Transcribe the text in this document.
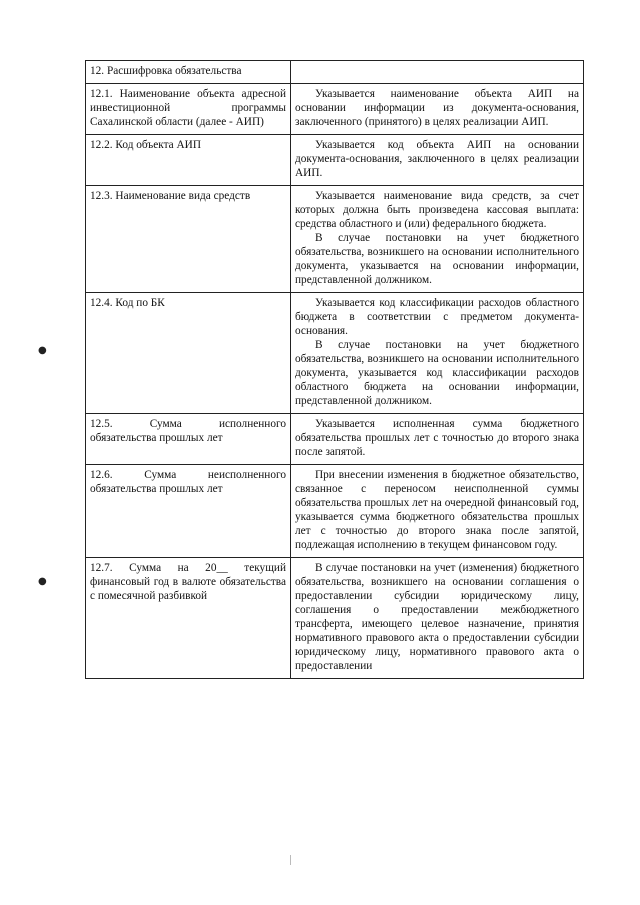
●
●
12. Расшифровка обязательства	
12.1. Наименование объекта адресной инвестиционной программы Сахалинской области (далее - АИП)	Указывается наименование объекта АИП на основании информации из документа-основания, заключенного (принятого) в целях реализации АИП.

12.2. Код объекта АИП	Указывается код объекта АИП на основании документа-основания, заключенного в целях реализации АИП.

12.3. Наименование вида средств	Указывается наименование вида средств, за счет которых должна быть произведена кассовая выплата: средства областного и (или) федерального бюджета.

В случае постановки на учет бюджетного обязательства, возникшего на основании исполнительного документа, указывается на основании информации, представленной должником.

12.4. Код по БК	Указывается код классификации расходов областного бюджета в соответствии с предметом документа-основания.

В случае постановки на учет бюджетного обязательства, возникшего на основании исполнительного документа, указывается код классификации расходов областного бюджета на основании информации, представленной должником.

12.5. Сумма исполненного обязательства прошлых лет	Указывается исполненная сумма бюджетного обязательства прошлых лет с точностью до второго знака после запятой.

12.6. Сумма неисполненного обязательства прошлых лет	При внесении изменения в бюджетное обязательство, связанное с переносом неисполненной суммы обязательства прошлых лет на очередной финансовый год, указывается сумма бюджетного обязательства прошлых лет с точностью до второго знака после запятой, подлежащая исполнению в текущем финансовом году.

12.7. Сумма на 20__ текущий финансовый год в валюте обязательства с помесячной разбивкой	В случае постановки на учет (изменения) бюджетного обязательства, возникшего на основании соглашения о предоставлении субсидии юридическому лицу, соглашения о предоставлении межбюджетного трансферта, имеющего целевое назначение, принятия нормативного правового акта о предоставлении субсидии юридическому лицу, нормативного правового акта о предоставлении
